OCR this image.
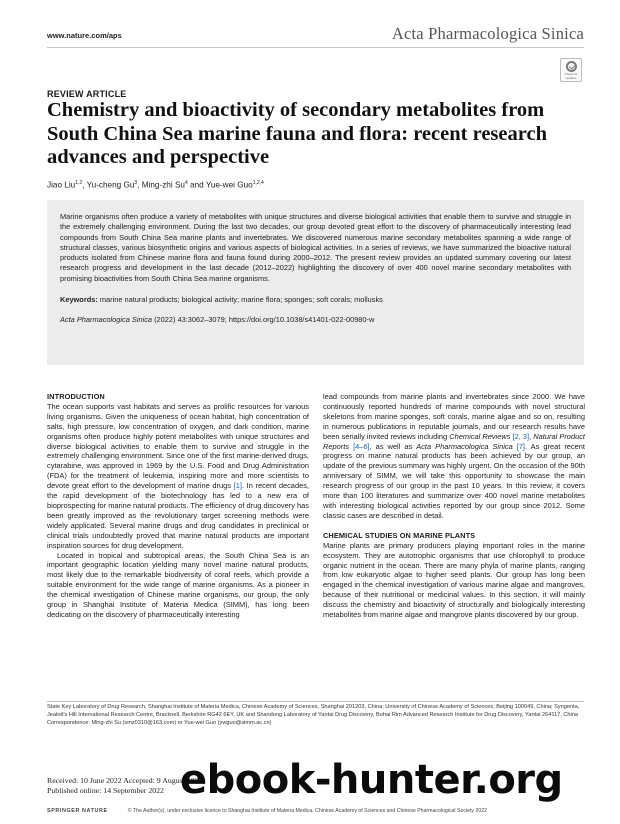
www.nature.com/aps	Acta Pharmacologica Sinica
Check for updates
REVIEW ARTICLE
Chemistry and bioactivity of secondary metabolites from South China Sea marine fauna and flora: recent research advances and perspective
Jiao Liu$^{1,2}$, Yu-cheng Gu$^3$, Ming-zhi Su$^4$ and Yue-wei Guo$^{1,2,4}$

Marine organisms often produce a variety of metabolites with unique structures and diverse biological activities that enable them to survive and struggle in the extremely challenging environment. During the last two decades, our group devoted great effort to the discovery of pharmaceutically interesting lead compounds from South China Sea marine plants and invertebrates. We discovered numerous marine secondary metabolites spanning a wide range of structural classes, various biosynthetic origins and various aspects of biological activities. In a series of reviews, we have summarized the bioactive natural products isolated from Chinese marine flora and fauna found during 2000–2012. The present review provides an updated summary covering our latest research progress and development in the last decade (2012–2022) highlighting the discovery of over 400 novel marine secondary metabolites with promising bioactivities from South China Sea marine organisms.

Keywords: marine natural products; biological activity; marine flora; sponges; soft corals; mollusks

Acta Pharmacologica Sinica (2022) 43:3062–3079; https://doi.org/10.1038/s41401-022-00980-w

INTRODUCTION

The ocean supports vast habitats and serves as prolific resources for various living organisms. Given the uniqueness of ocean habitat, high concentration of salts, high pressure, low concentration of oxygen, and dark condition, marine organisms often produce highly potent metabolites with unique structures and diverse biological activities to enable them to survive and struggle in the extremely challenging environment. Since one of the first marine-derived drugs, cytarabine, was approved in 1969 by the U.S. Food and Drug Administration (FDA) for the treatment of leukemia, inspiring more and more scientists to devote great effort to the development of marine drugs [1]. In recent decades, the rapid development of the biotechnology has led to a new era of bioprospecting for marine natural products. The efficiency of drug discovery has been greatly improved as the revolutionary target screening methods were widely applicated. Several marine drugs and drug candidates in preclinical or clinical trials undoubtedly proved that marine natural products are important inspiration sources for drug development.

Located in tropical and subtropical areas, the South China Sea is an important geographic location yielding many novel marine natural products, most likely due to the remarkable biodiversity of coral reefs, which provide a suitable environment for the wide range of marine organisms. As a pioneer in the chemical investigation of Chinese marine organisms, our group, the only group in Shanghai Institute of Materia Medica (SIMM), has long been dedicating on the discovery of pharmaceutically interesting

lead compounds from marine plants and invertebrates since 2000. We have continuously reported hundreds of marine compounds with novel structural skeletons from marine sponges, soft corals, marine algae and so on, resulting in numerous publications in reputable journals, and our research results have been serially invited reviews including Chemical Reviews [2, 3], Natural Product Reports [4–6], as well as Acta Pharmacologica Sinica [7]. As great recent progress on marine natural products has been achieved by our group, an update of the previous summary was highly urgent. On the occasion of the 90th anniversary of SIMM, we will take this opportunity to showcase the main research progress of our group in the past 10 years. In this review, it covers more than 100 literatures and summarize over 400 novel marine metabolites with interesting biological activities reported by our group since 2012. Some classic cases are described in detail.

CHEMICAL STUDIES ON MARINE PLANTS

Marine plants are primary producers playing important roles in the marine ecosystem. They are autotrophic organisms that use chlorophyll to produce organic nutrient in the ocean. There are many phyla of marine plants, ranging from low eukaryotic algae to higher seed plants. Our group has long been engaged in the chemical investigation of various marine algae and mangroves, because of their nutritional or medicinal values. In this section, it will mainly discuss the chemistry and bioactivity of structurally and biologically interesting metabolites from marine algae and mangrove plants discovered by our group.

State Key Laboratory of Drug Research, Shanghai Institute of Materia Medica, Chinese Academy of Sciences, Shanghai 201203, China; University of Chinese Academy of Sciences, Beijing 100049, China; Syngenta, Jealott's Hill International Research Centre, Bracknell, Berkshire RG42 6EY, UK and Shandong Laboratory of Yantai Drug Discovery, Bohai Rim Advanced Research Institute for Drug Discovery, Yantai 264117, China

Correspondence: Ming-zhi Su (smz0310@163.com) or Yue-wei Guo (ywguo@simm.ac.cn)

Received: 10 June 2022 Accepted: 9 August 2022
Published online: 14 September 2022
SPRINGER NATURE	© The Author(s), under exclusive licence to Shanghai Institute of Materia Medica, Chinese Academy of Sciences and Chinese Pharmacological Society 2022
ebook-hunter.org
